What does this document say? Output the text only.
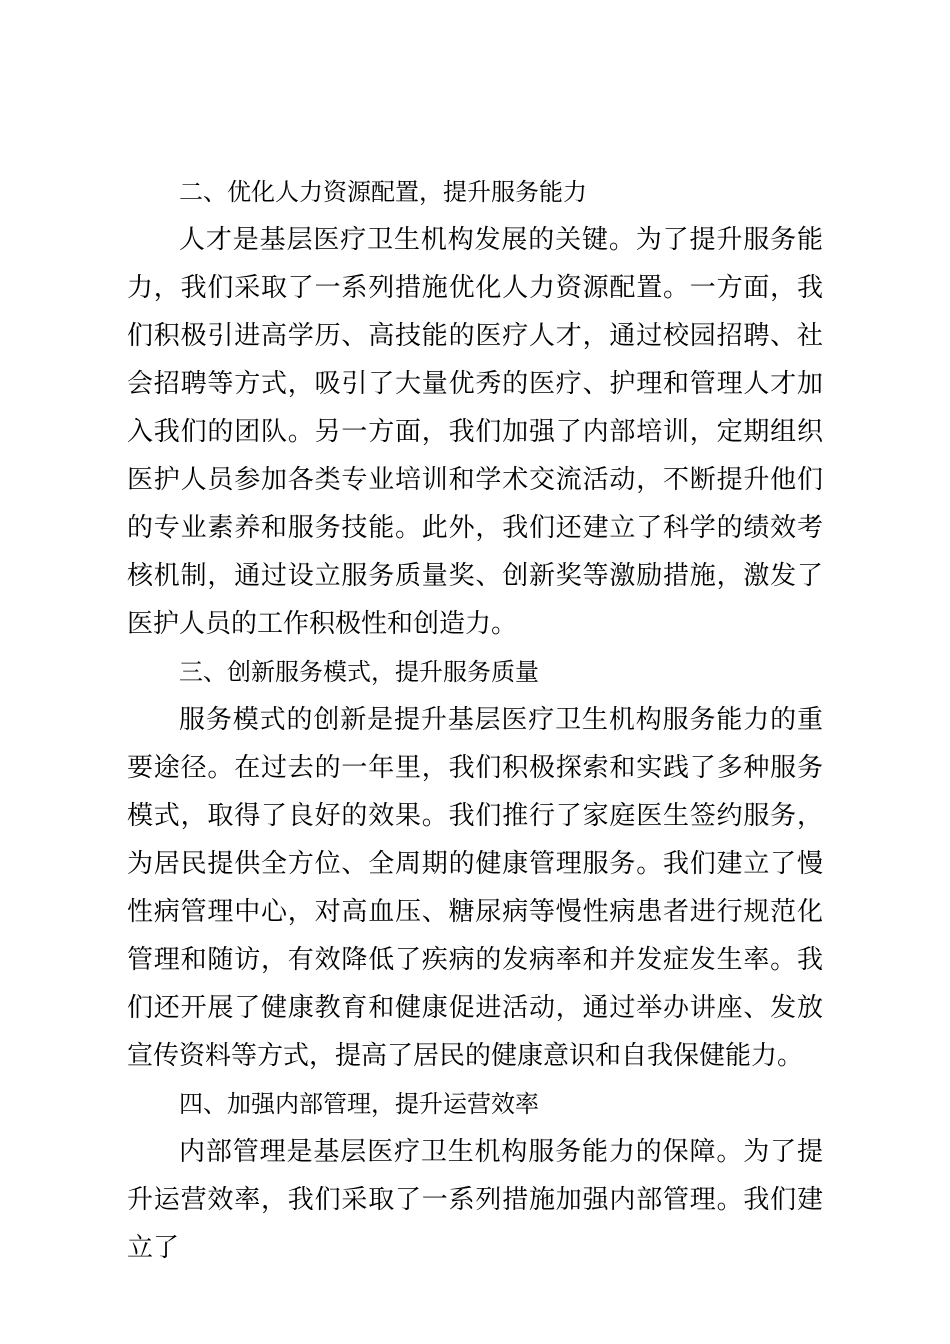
二、优化人力资源配置，提升服务能力

人才是基层医疗卫生机构发展的关键。为了提升服务能力，我们采取了一系列措施优化人力资源配置。一方面，我们积极引进高学历、高技能的医疗人才，通过校园招聘、社会招聘等方式，吸引了大量优秀的医疗、护理和管理人才加入我们的团队。另一方面，我们加强了内部培训，定期组织医护人员参加各类专业培训和学术交流活动，不断提升他们的专业素养和服务技能。此外，我们还建立了科学的绩效考核机制，通过设立服务质量奖、创新奖等激励措施，激发了医护人员的工作积极性和创造力。

三、创新服务模式，提升服务质量

服务模式的创新是提升基层医疗卫生机构服务能力的重要途径。在过去的一年里，我们积极探索和实践了多种服务模式，取得了良好的效果。我们推行了家庭医生签约服务，为居民提供全方位、全周期的健康管理服务。我们建立了慢性病管理中心，对高血压、糖尿病等慢性病患者进行规范化管理和随访，有效降低了疾病的发病率和并发症发生率。我们还开展了健康教育和健康促进活动，通过举办讲座、发放宣传资料等方式，提高了居民的健康意识和自我保健能力。

四、加强内部管理，提升运营效率

内部管理是基层医疗卫生机构服务能力的保障。为了提升运营效率，我们采取了一系列措施加强内部管理。我们建立了
